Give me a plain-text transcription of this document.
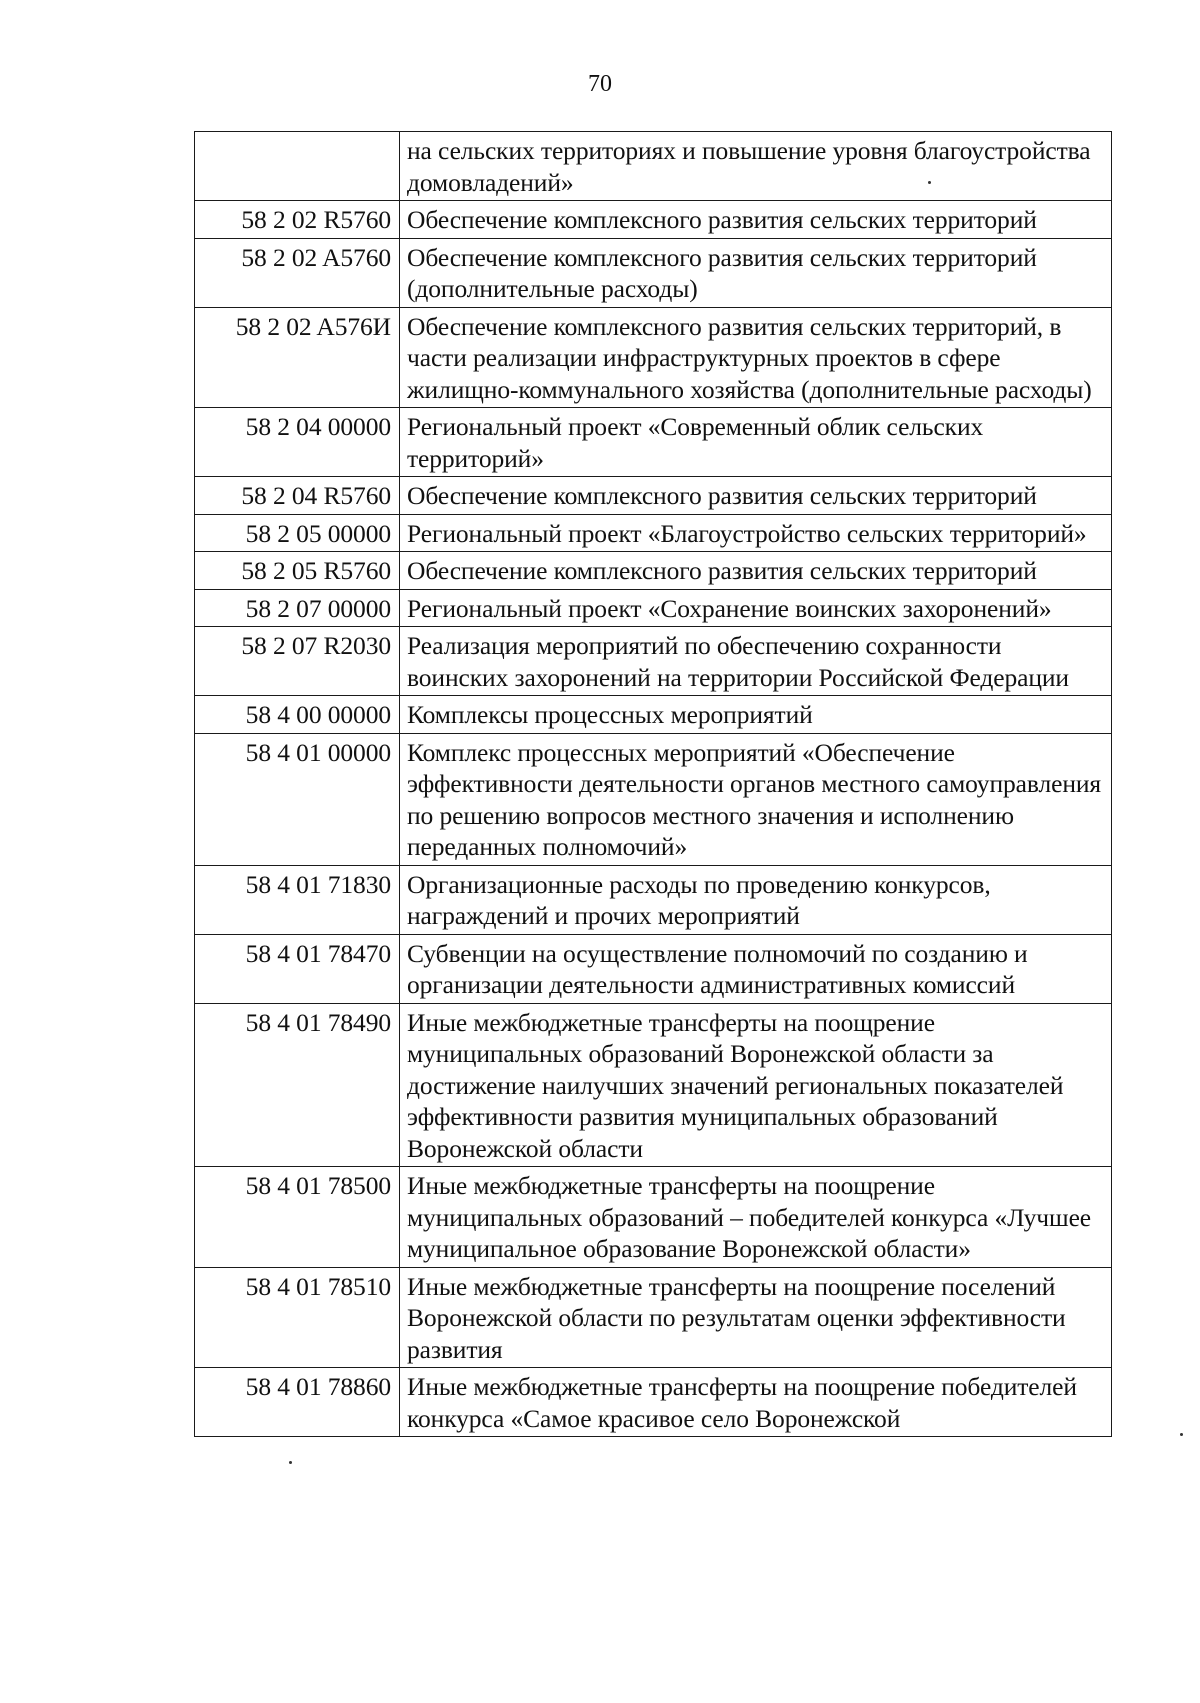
70
	на сельских территориях и повышение уровня благоустройства домовладений»
58 2 02 R5760	Обеспечение комплексного развития сельских территорий
58 2 02 A5760	Обеспечение комплексного развития сельских территорий (дополнительные расходы)
58 2 02 A576И	Обеспечение комплексного развития сельских территорий, в части реализации инфраструктурных проектов в сфере жилищно-коммунального хозяйства (дополнительные расходы)
58 2 04 00000	Региональный проект «Современный облик сельских территорий»
58 2 04 R5760	Обеспечение комплексного развития сельских территорий
58 2 05 00000	Региональный проект «Благоустройство сельских территорий»
58 2 05 R5760	Обеспечение комплексного развития сельских территорий
58 2 07 00000	Региональный проект «Сохранение воинских захоронений»
58 2 07 R2030	Реализация мероприятий по обеспечению сохранности воинских захоронений на территории Российской Федерации
58 4 00 00000	Комплексы процессных мероприятий
58 4 01 00000	Комплекс процессных мероприятий «Обеспечение эффективности деятельности органов местного самоуправления по решению вопросов местного значения и исполнению переданных полномочий»
58 4 01 71830	Организационные расходы по проведению конкурсов, награждений и прочих мероприятий
58 4 01 78470	Субвенции на осуществление полномочий по созданию и организации деятельности административных комиссий
58 4 01 78490	Иные межбюджетные трансферты на поощрение муниципальных образований Воронежской области за достижение наилучших значений региональных показателей эффективности развития муниципальных образований Воронежской области
58 4 01 78500	Иные межбюджетные трансферты на поощрение муниципальных образований – победителей конкурса «Лучшее муниципальное образование Воронежской области»
58 4 01 78510	Иные межбюджетные трансферты на поощрение поселений Воронежской области по результатам оценки эффективности развития
58 4 01 78860	Иные межбюджетные трансферты на поощрение победителей конкурса «Самое красивое село Воронежской
